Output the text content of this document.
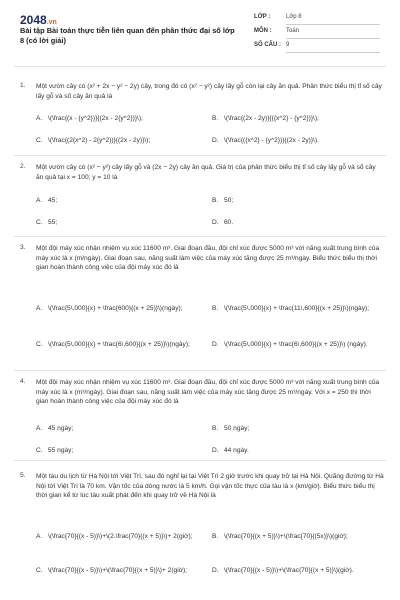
2048.vn
Bài tập Bài toán thực tiễn liên quan đến phân thức đại số lớp 8 (có lời giải)
LỚP :	Lớp 8
MÔN :	Toán
SỐ CÂU : 9
1. Một vườn cây có (x² + 2x − y² − 2y) cây, trong đó có (x² − y²) cây lấy gỗ còn lại cây ăn quả. Phân thức biểu thị tỉ số cây lấy gỗ và số cây ăn quả là
A. \(\frac{(x - {y^2})}{(2x - 2{y^2})}\);	B. \(\frac{(2x - 2y)}{({x^2} - {y^2})}\);
C. \(\frac{(2{x^2} - 2{y^2})}{(2x - 2y)}\);	D. \(\frac{({x^2} - {y^2})}{(2x - 2y)}\).
2. Một vườn cây có (x² − y²) cây lấy gỗ và (2x − 2y) cây ăn quả. Giá trị của phân thức biểu thị tỉ số cây lấy gỗ và số cây ăn quả tại x = 100; y = 10 là
A. 45;	B. 50;
C. 55;	D. 60.
3. Một đội máy xúc nhận nhiệm vụ xúc 11600 m³. Giai đoạn đầu, đội chỉ xúc được 5000 m³ với năng xuất trung bình của máy xúc là x (m/ngày). Giai đoạn sau, năng suất làm việc của máy xúc tăng được 25 m³/ngày. Biểu thức biểu thị thời gian hoàn thành công việc của đội máy xúc đó là
A. \(\frac{5\,000}{x} + \frac{600}{(x + 25)}\)(ngày);	B. \(\frac{5\,000}{x} + \frac{11\,600}{(x + 25)}\)(ngày);
C. \(\frac{5\,000}{x} + \frac{6\,600}{(x + 25)}\)(ngày);	D. \(\frac{5\,000}{x} + \frac{6\,600}{(x + 25)}\) (ngày).
4. Một đội máy xúc nhận nhiệm vụ xúc 11600 m³. Giai đoạn đầu, đội chỉ xúc được 5000 m³ với năng xuất trung bình của máy xúc là x (m³/ngày). Giai đoạn sau, năng suất làm việc của máy xúc tăng được 25 m³/ngày. Với x = 250 thì thời gian hoàn thành công việc của đội máy xúc đó là
A. 45 ngày;	B. 50 ngày;
C. 55 ngày;	D. 44 ngày.
5. Một tàu du lịch từ Hà Nội tới Việt Trì, sau đó nghỉ lại tại Việt Trì 2 giờ trước khi quay trở lại Hà Nội. Quãng đường từ Hà Nội tới Việt Trì là 70 km. Vận tốc của dòng nước là 5 km/h. Gọi vận tốc thực của tàu là x (km/giờ). Biểu thức biểu thị thời gian kể từ lúc tàu xuất phát đến khi quay trở về Hà Nội là
A. \(\frac{70}{(x - 5)}\)+\(2.\frac{70}{(x + 5)}\)+ 2(giờ);	B. \(\frac{70}{(x + 5)}\)+\(\frac{70}{(5x)}\)(giờ);
C. \(\frac{70}{(x - 5)}\)+\(\frac{70}{(x + 5)}\)+ 2(giờ);	D. \(\frac{70}{(x - 5)}\)+\(\frac{70}{(x + 5)}\)(giờ).
